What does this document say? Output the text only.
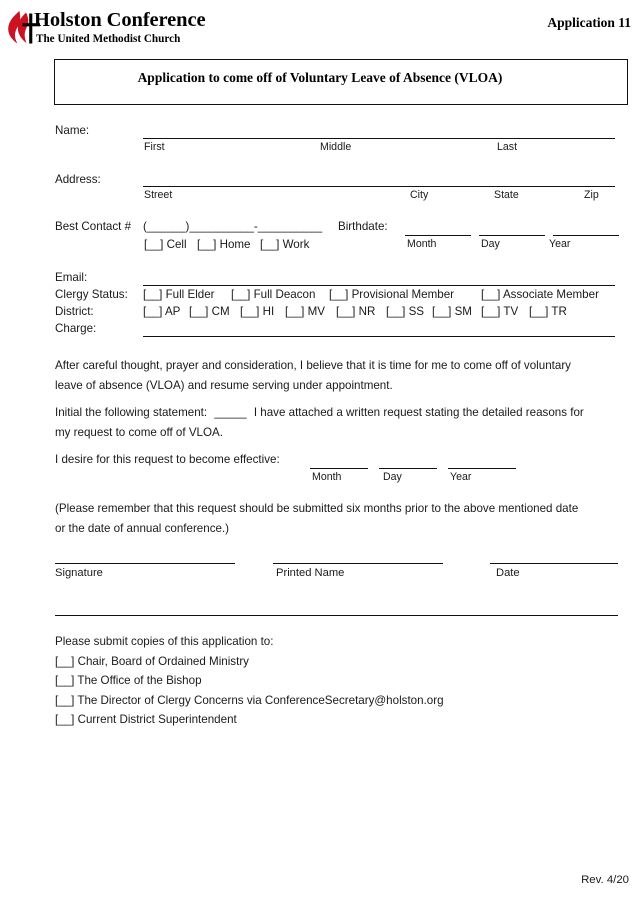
Holston Conference
The United Methodist Church
Application 11
Application to come off of Voluntary Leave of Absence (VLOA)
Name:
First	Middle	Last
Address:
Street	City	State	Zip
Best Contact # (______)__________-__________
[__] Cell [__] Home [__] Work
Birthdate:
Month	Day	Year
Email:
Clergy Status: [__] Full Elder [__] Full Deacon [__] Provisional Member [__] Associate Member
District:	[__] AP [__] CM [__] HI [__] MV [__] NR [__] SS [__] SM [__] TV [__] TR
Charge:
After careful thought, prayer and consideration, I believe that it is time for me to come off of voluntary
leave of absence (VLOA) and resume serving under appointment.
Initial the following statement: _____ I have attached a written request stating the detailed reasons for
my request to come off of VLOA.
I desire for this request to become effective:
Month	Day	Year
(Please remember that this request should be submitted six months prior to the above mentioned date
or the date of annual conference.)
Signature	Printed Name	Date
Please submit copies of this application to:
[__] Chair, Board of Ordained Ministry
[__] The Office of the Bishop
[__] The Director of Clergy Concerns via ConferenceSecretary@holston.org
[__] Current District Superintendent
Rev. 4/20
